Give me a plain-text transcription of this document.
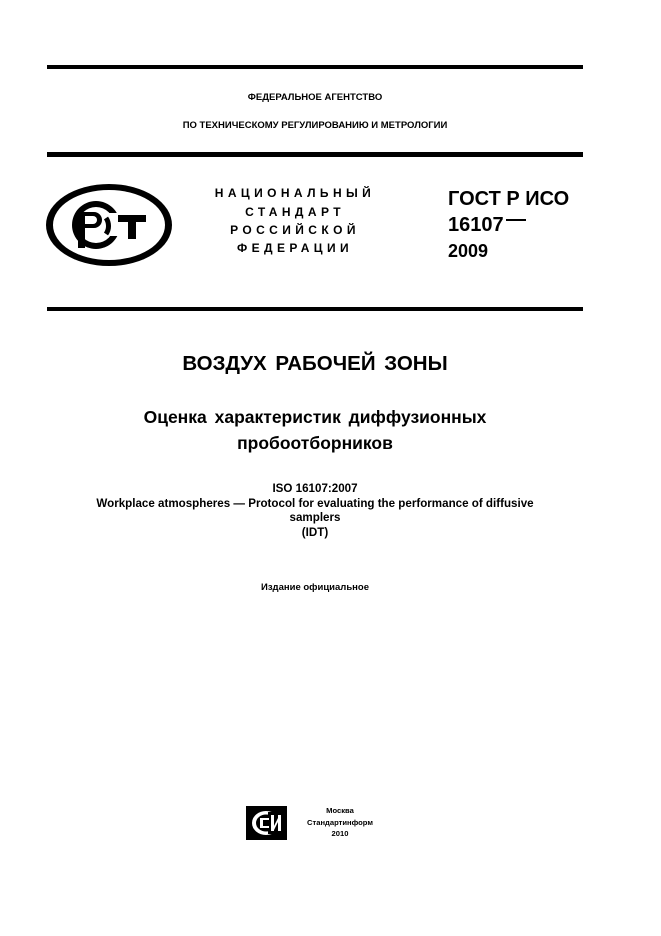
ФЕДЕРАЛЬНОЕ АГЕНТСТВО
ПО ТЕХНИЧЕСКОМУ РЕГУЛИРОВАНИЮ И МЕТРОЛОГИИ
НАЦИОНАЛЬНЫЙ
СТАНДАРТ
РОССИЙСКОЙ
ФЕДЕРАЦИИ
ГОСТ Р ИСО
16107
2009
ВОЗДУХ РАБОЧЕЙ ЗОНЫ
Оценка характеристик диффузионных
пробоотборников
ISO 16107:2007
Workplace atmospheres — Protocol for evaluating the performance of diffusive
samplers
(IDT)
Издание официальное
Москва
Стандартинформ
2010
